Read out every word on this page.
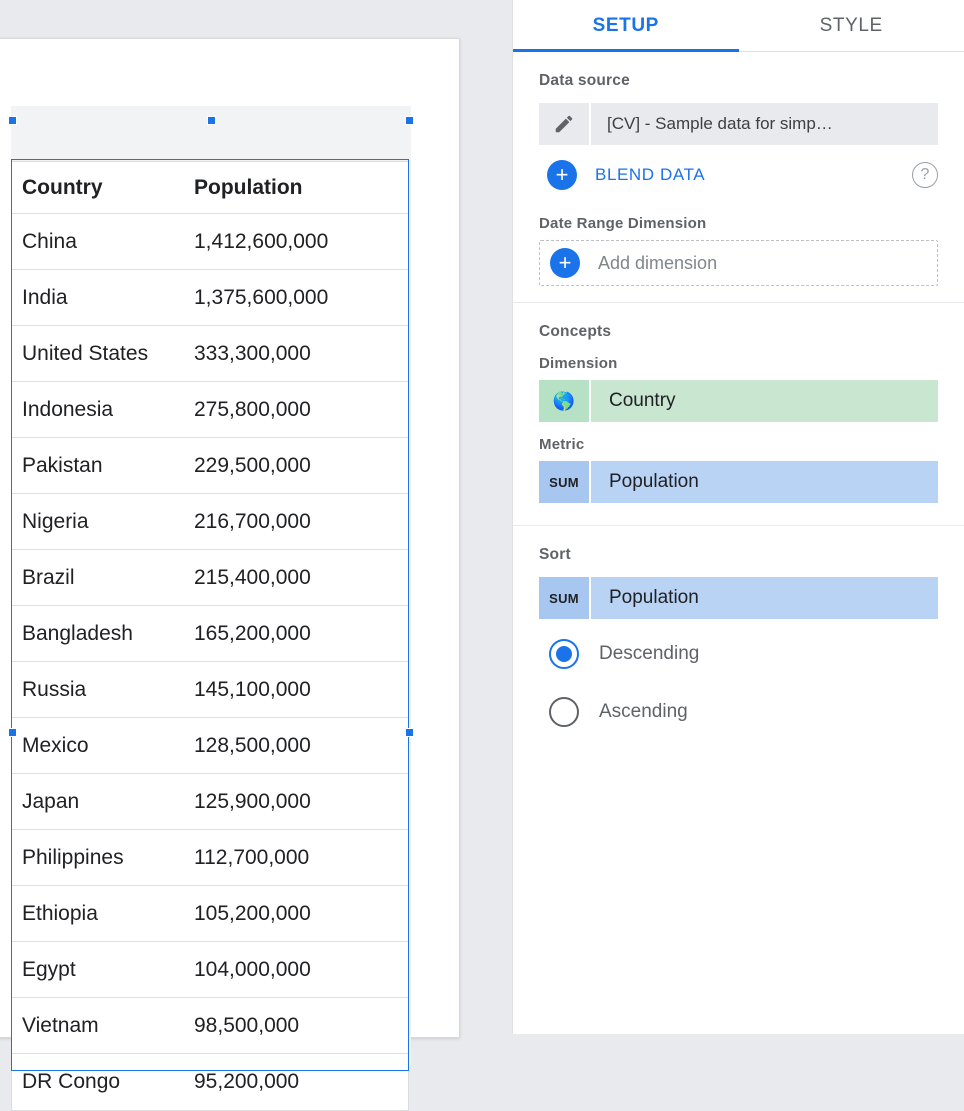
Country	Population
China	1,412,600,000
India	1,375,600,000
United States	333,300,000
Indonesia	275,800,000
Pakistan	229,500,000
Nigeria	216,700,000
Brazil	215,400,000
Bangladesh	165,200,000
Russia	145,100,000
Mexico	128,500,000
Japan	125,900,000
Philippines	112,700,000
Ethiopia	105,200,000
Egypt	104,000,000
Vietnam	98,500,000
DR Congo	95,200,000
SETUP	STYLE
Data source
[CV] - Sample data for simp…
+	BLEND DATA	?
Date Range Dimension
+	Add dimension
Concepts
Dimension
🌎	Country
Metric
SUM	Population
Sort
SUM	Population
Descending
Ascending
